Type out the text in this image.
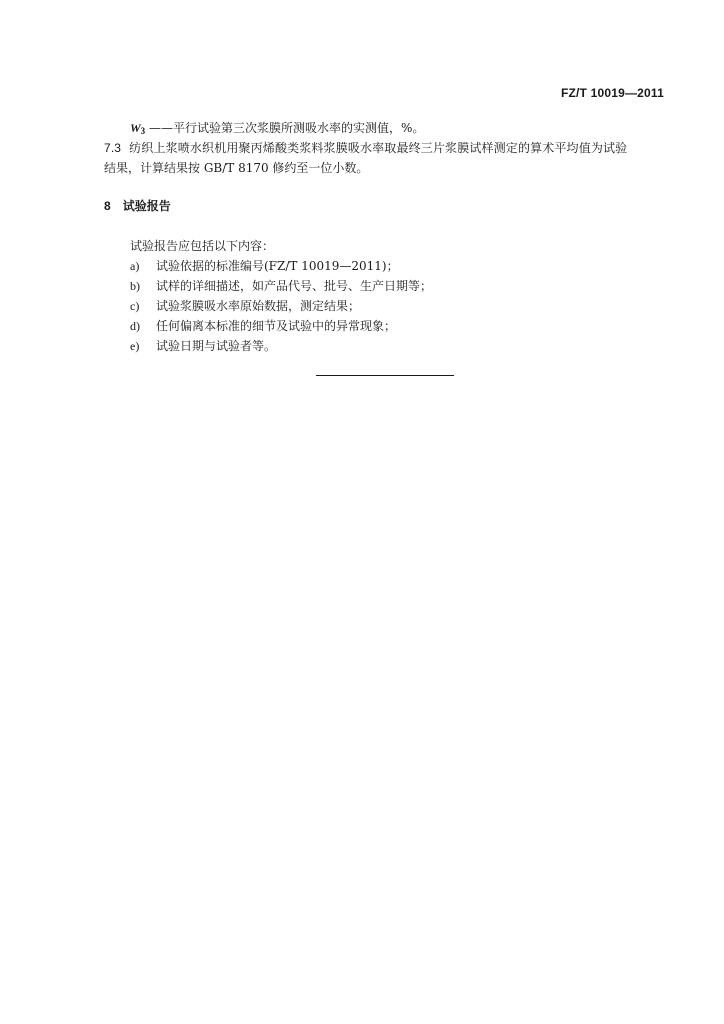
FZ/T 10019—2011
W3 ——平行试验第三次浆膜所测吸水率的实测值，%。
7.3 纺织上浆喷水织机用聚丙烯酸类浆料浆膜吸水率取最终三片浆膜试样测定的算术平均值为试验
结果，计算结果按 GB/T 8170 修约至一位小数。
8 试验报告
试验报告应包括以下内容：
a)	试验依据的标准编号(FZ/T 10019—2011)；
b)	试样的详细描述，如产品代号、批号、生产日期等；
c)	试验浆膜吸水率原始数据，测定结果；
d)	任何偏离本标准的细节及试验中的异常现象；
e)	试验日期与试验者等。
